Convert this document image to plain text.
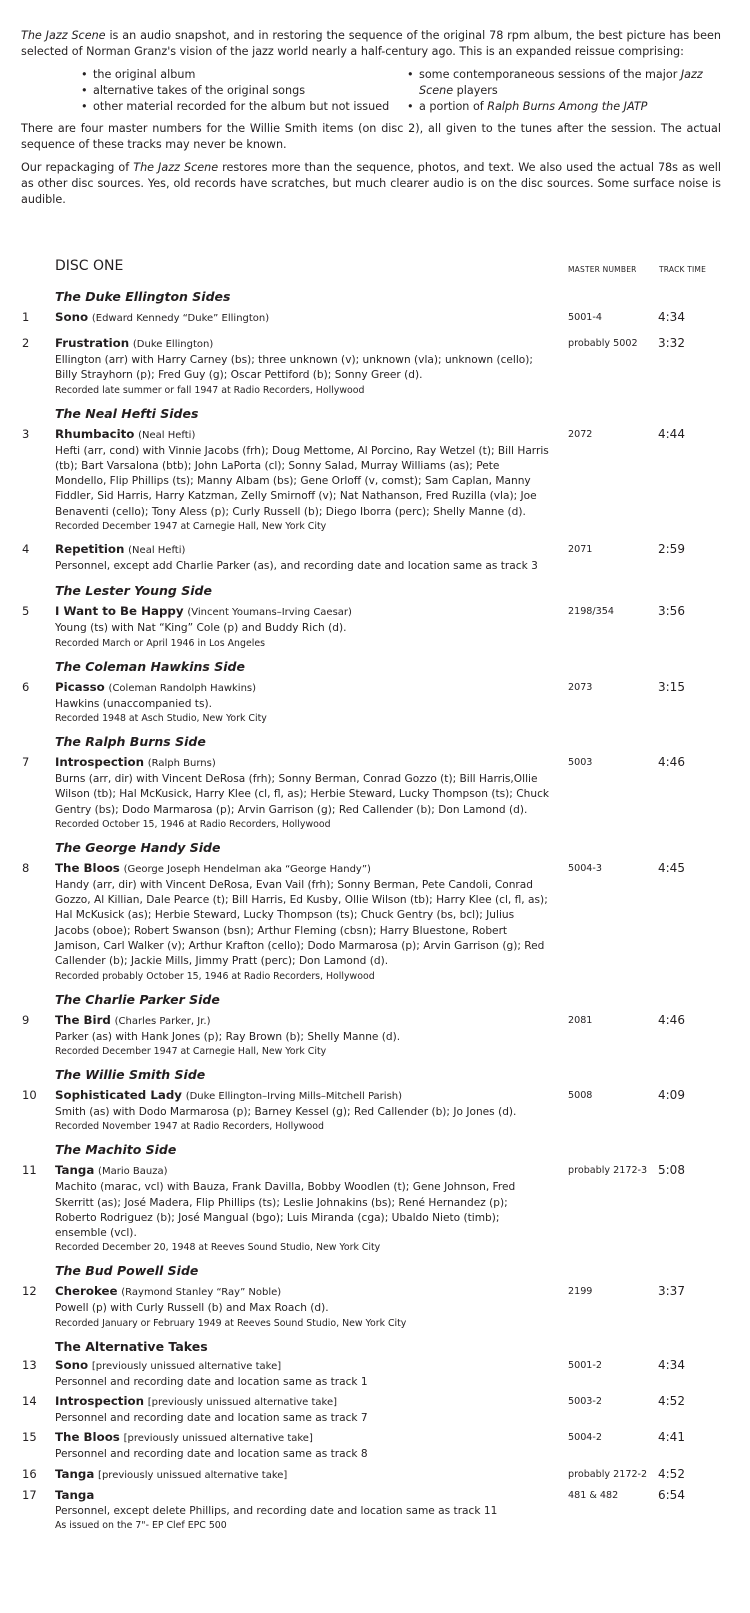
The Jazz Scene is an audio snapshot, and in restoring the sequence of the original 78 rpm album, the best picture has been selected of Norman Granz's vision of the jazz world nearly a half-century ago. This is an expanded reissue comprising:

• the original album
• alternative takes of the original songs
• other material recorded for the album but not issued
• some contemporaneous sessions of the major Jazz Scene players
• a portion of Ralph Burns Among the JATP

There are four master numbers for the Willie Smith items (on disc 2), all given to the tunes after the session. The actual sequence of these tracks may never be known.

Our repackaging of The Jazz Scene restores more than the sequence, photos, and text. We also used the actual 78s as well as other disc sources. Yes, old records have scratches, but much clearer audio is on the disc sources. Some surface noise is audible.

DISC ONE	MASTER NUMBER	TRACK TIME
The Duke Ellington Sides
1	Sono (Edward Kennedy “Duke” Ellington)	5001-4	4:34
2	Frustration (Duke Ellington)
Ellington (arr) with Harry Carney (bs); three unknown (v); unknown (vla); unknown (cello); Billy Strayhorn (p); Fred Guy (g); Oscar Pettiford (b); Sonny Greer (d).
Recorded late summer or fall 1947 at Radio Recorders, Hollywood
probably 5002 3:32
The Neal Hefti Sides
3	Rhumbacito (Neal Hefti)
Hefti (arr, cond) with Vinnie Jacobs (frh); Doug Mettome, Al Porcino, Ray Wetzel (t); Bill Harris (tb); Bart Varsalona (btb); John LaPorta (cl); Sonny Salad, Murray Williams (as); Pete Mondello, Flip Phillips (ts); Manny Albam (bs); Gene Orloff (v, comst); Sam Caplan, Manny Fiddler, Sid Harris, Harry Katzman, Zelly Smirnoff (v); Nat Nathanson, Fred Ruzilla (vla); Joe Benaventi (cello); Tony Aless (p); Curly Russell (b); Diego Iborra (perc); Shelly Manne (d).
Recorded December 1947 at Carnegie Hall, New York City
2072	4:44
4	Repetition (Neal Hefti)
Personnel, except add Charlie Parker (as), and recording date and location same as track 3
2071	2:59
The Lester Young Side
5	I Want to Be Happy (Vincent Youmans–Irving Caesar)
Young (ts) with Nat “King” Cole (p) and Buddy Rich (d).
Recorded March or April 1946 in Los Angeles
2198/354	3:56
The Coleman Hawkins Side
6	Picasso (Coleman Randolph Hawkins)
Hawkins (unaccompanied ts).
Recorded 1948 at Asch Studio, New York City
2073	3:15
The Ralph Burns Side
7	Introspection (Ralph Burns)
Burns (arr, dir) with Vincent DeRosa (frh); Sonny Berman, Conrad Gozzo (t); Bill Harris,Ollie Wilson (tb); Hal McKusick, Harry Klee (cl, fl, as); Herbie Steward, Lucky Thompson (ts); Chuck Gentry (bs); Dodo Marmarosa (p); Arvin Garrison (g); Red Callender (b); Don Lamond (d).
Recorded October 15, 1946 at Radio Recorders, Hollywood
5003	4:46
The George Handy Side
8	The Bloos (George Joseph Hendelman aka “George Handy”)
Handy (arr, dir) with Vincent DeRosa, Evan Vail (frh); Sonny Berman, Pete Candoli, Conrad Gozzo, Al Killian, Dale Pearce (t); Bill Harris, Ed Kusby, Ollie Wilson (tb); Harry Klee (cl, fl, as); Hal McKusick (as); Herbie Steward, Lucky Thompson (ts); Chuck Gentry (bs, bcl); Julius Jacobs (oboe); Robert Swanson (bsn); Arthur Fleming (cbsn); Harry Bluestone, Robert Jamison, Carl Walker (v); Arthur Krafton (cello); Dodo Marmarosa (p); Arvin Garrison (g); Red Callender (b); Jackie Mills, Jimmy Pratt (perc); Don Lamond (d).
Recorded probably October 15, 1946 at Radio Recorders, Hollywood
5004-3	4:45
The Charlie Parker Side
9	The Bird (Charles Parker, Jr.)
Parker (as) with Hank Jones (p); Ray Brown (b); Shelly Manne (d).
Recorded December 1947 at Carnegie Hall, New York City
2081	4:46
The Willie Smith Side
10	Sophisticated Lady (Duke Ellington–Irving Mills–Mitchell Parish)
Smith (as) with Dodo Marmarosa (p); Barney Kessel (g); Red Callender (b); Jo Jones (d).
Recorded November 1947 at Radio Recorders, Hollywood
5008	4:09
The Machito Side
11	Tanga (Mario Bauza)
Machito (marac, vcl) with Bauza, Frank Davilla, Bobby Woodlen (t); Gene Johnson, Fred Skerritt (as); José Madera, Flip Phillips (ts); Leslie Johnakins (bs); René Hernandez (p); Roberto Rodriguez (b); José Mangual (bgo); Luis Miranda (cga); Ubaldo Nieto (timb); ensemble (vcl).
Recorded December 20, 1948 at Reeves Sound Studio, New York City
probably 2172-3 5:08
The Bud Powell Side
12	Cherokee (Raymond Stanley “Ray” Noble)
Powell (p) with Curly Russell (b) and Max Roach (d).
Recorded January or February 1949 at Reeves Sound Studio, New York City
2199	3:37
The Alternative Takes
13	Sono [previously unissued alternative take]
Personnel and recording date and location same as track 1
5001-2	4:34
14	Introspection [previously unissued alternative take]
Personnel and recording date and location same as track 7
5003-2	4:52
15	The Bloos [previously unissued alternative take]
Personnel and recording date and location same as track 8
5004-2	4:41
16	Tanga [previously unissued alternative take]	probably 2172-2 4:52
17	Tanga
Personnel, except delete Phillips, and recording date and location same as track 11
As issued on the 7"- EP Clef EPC 500
481 & 482	6:54
